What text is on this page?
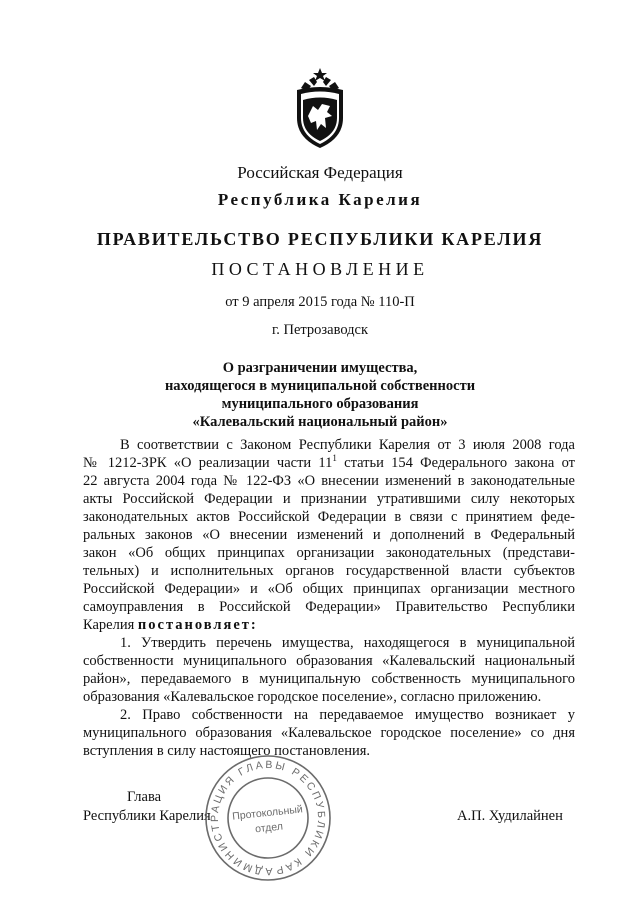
Российская Федерация
Республика Карелия
ПРАВИТЕЛЬСТВО РЕСПУБЛИКИ КАРЕЛИЯ
ПОСТАНОВЛЕНИЕ
от 9 апреля 2015 года № 110-П
г. Петрозаводск
О разграничении имущества,
находящегося в муниципальной собственности
муниципального образования
«Калевальский национальный район»
В соответствии с Законом Республики Карелия от 3 июля 2008 года
№ 1212-ЗРК «О реализации части $11^1$ статьи 154 Федерального закона от
22 августа 2004 года № 122-ФЗ «О внесении изменений в законодательные
акты Российской Федерации и признании утратившими силу некоторых
законодательных актов Российской Федерации в связи с принятием феде-
ральных законов «О внесении изменений и дополнений в Федеральный
закон «Об общих принципах организации законодательных (представи-
тельных) и исполнительных органов государственной власти субъектов
Российской Федерации» и «Об общих принципах организации местного
самоуправления в Российской Федерации» Правительство Республики
Карелия постановляет:
1. Утвердить перечень имущества, находящегося в муниципальной
собственности муниципального образования «Калевальский национальный
район», передаваемого в муниципальную собственность муниципального
образования «Калевальское городское поселение», согласно приложению.
2. Право собственности на передаваемое имущество возникает у
муниципального образования «Калевальское городское поселение» со дня
вступления в силу настоящего постановления.
Глава
Республики Карелия	А.П. Худилайнен
АДМИНИСТРАЦИЯ ГЛАВЫ РЕСПУБЛИКИ КАРЕЛИЯ
Протокольный
отдел
